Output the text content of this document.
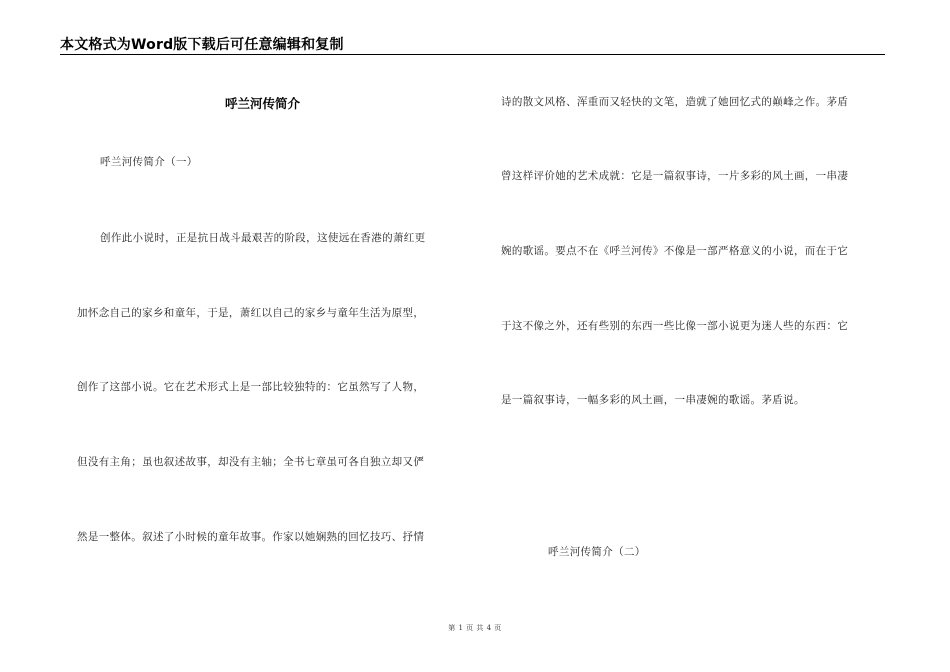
本文格式为Word版下载后可任意编辑和复制
呼兰河传简介
呼兰河传简介（一）
创作此小说时，正是抗日战斗最艰苦的阶段，这使远在香港的萧红更
加怀念自己的家乡和童年，于是，萧红以自己的家乡与童年生活为原型，
创作了这部小说。它在艺术形式上是一部比较独特的：它虽然写了人物，
但没有主角；虽也叙述故事，却没有主轴；全书七章虽可各自独立却又俨
然是一整体。叙述了小时候的童年故事。作家以她娴熟的回忆技巧、抒情
诗的散文风格、浑重而又轻快的文笔，造就了她回忆式的巅峰之作。茅盾
曾这样评价她的艺术成就：它是一篇叙事诗，一片多彩的风土画，一串凄
婉的歌谣。要点不在《呼兰河传》不像是一部严格意义的小说，而在于它
于这不像之外，还有些别的东西一些比像一部小说更为迷人些的东西：它
是一篇叙事诗，一幅多彩的风土画，一串凄婉的歌谣。茅盾说。
呼兰河传简介（二）
第 1 页 共 4 页
